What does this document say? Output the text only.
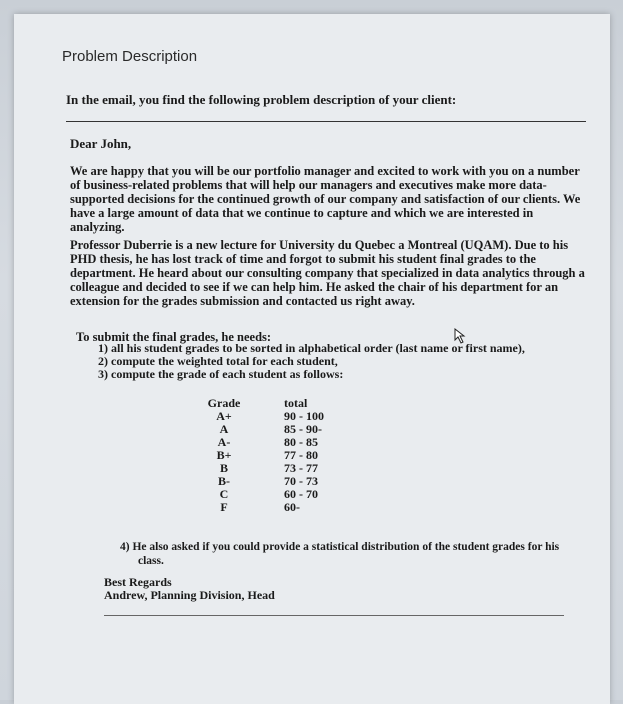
Problem Description
In the email, you find the following problem description of your client:
Dear John,
We are happy that you will be our portfolio manager and excited to work with you on a number of business-related problems that will help our managers and executives make more data-supported decisions for the continued growth of our company and satisfaction of our clients. We have a large amount of data that we continue to capture and which we are interested in analyzing.
Professor Duberrie is a new lecture for University du Quebec a Montreal (UQAM). Due to his PHD thesis, he has lost track of time and forgot to submit his student final grades to the department. He heard about our consulting company that specialized in data analytics through a colleague and decided to see if we can help him. He asked the chair of his department for an extension for the grades submission and contacted us right away.
To submit the final grades, he needs:
1) all his student grades to be sorted in alphabetical order (last name or first name),
2) compute the weighted total for each student,
3) compute the grade of each student as follows:
Grade	total
A+	90 - 100
A	85 - 90-
A-	80 - 85
B+	77 - 80
B	73 - 77
B-	70 - 73
C	60 - 70
F	60-
4) He also asked if you could provide a statistical distribution of the student grades for his
class.
Best Regards
Andrew, Planning Division, Head
